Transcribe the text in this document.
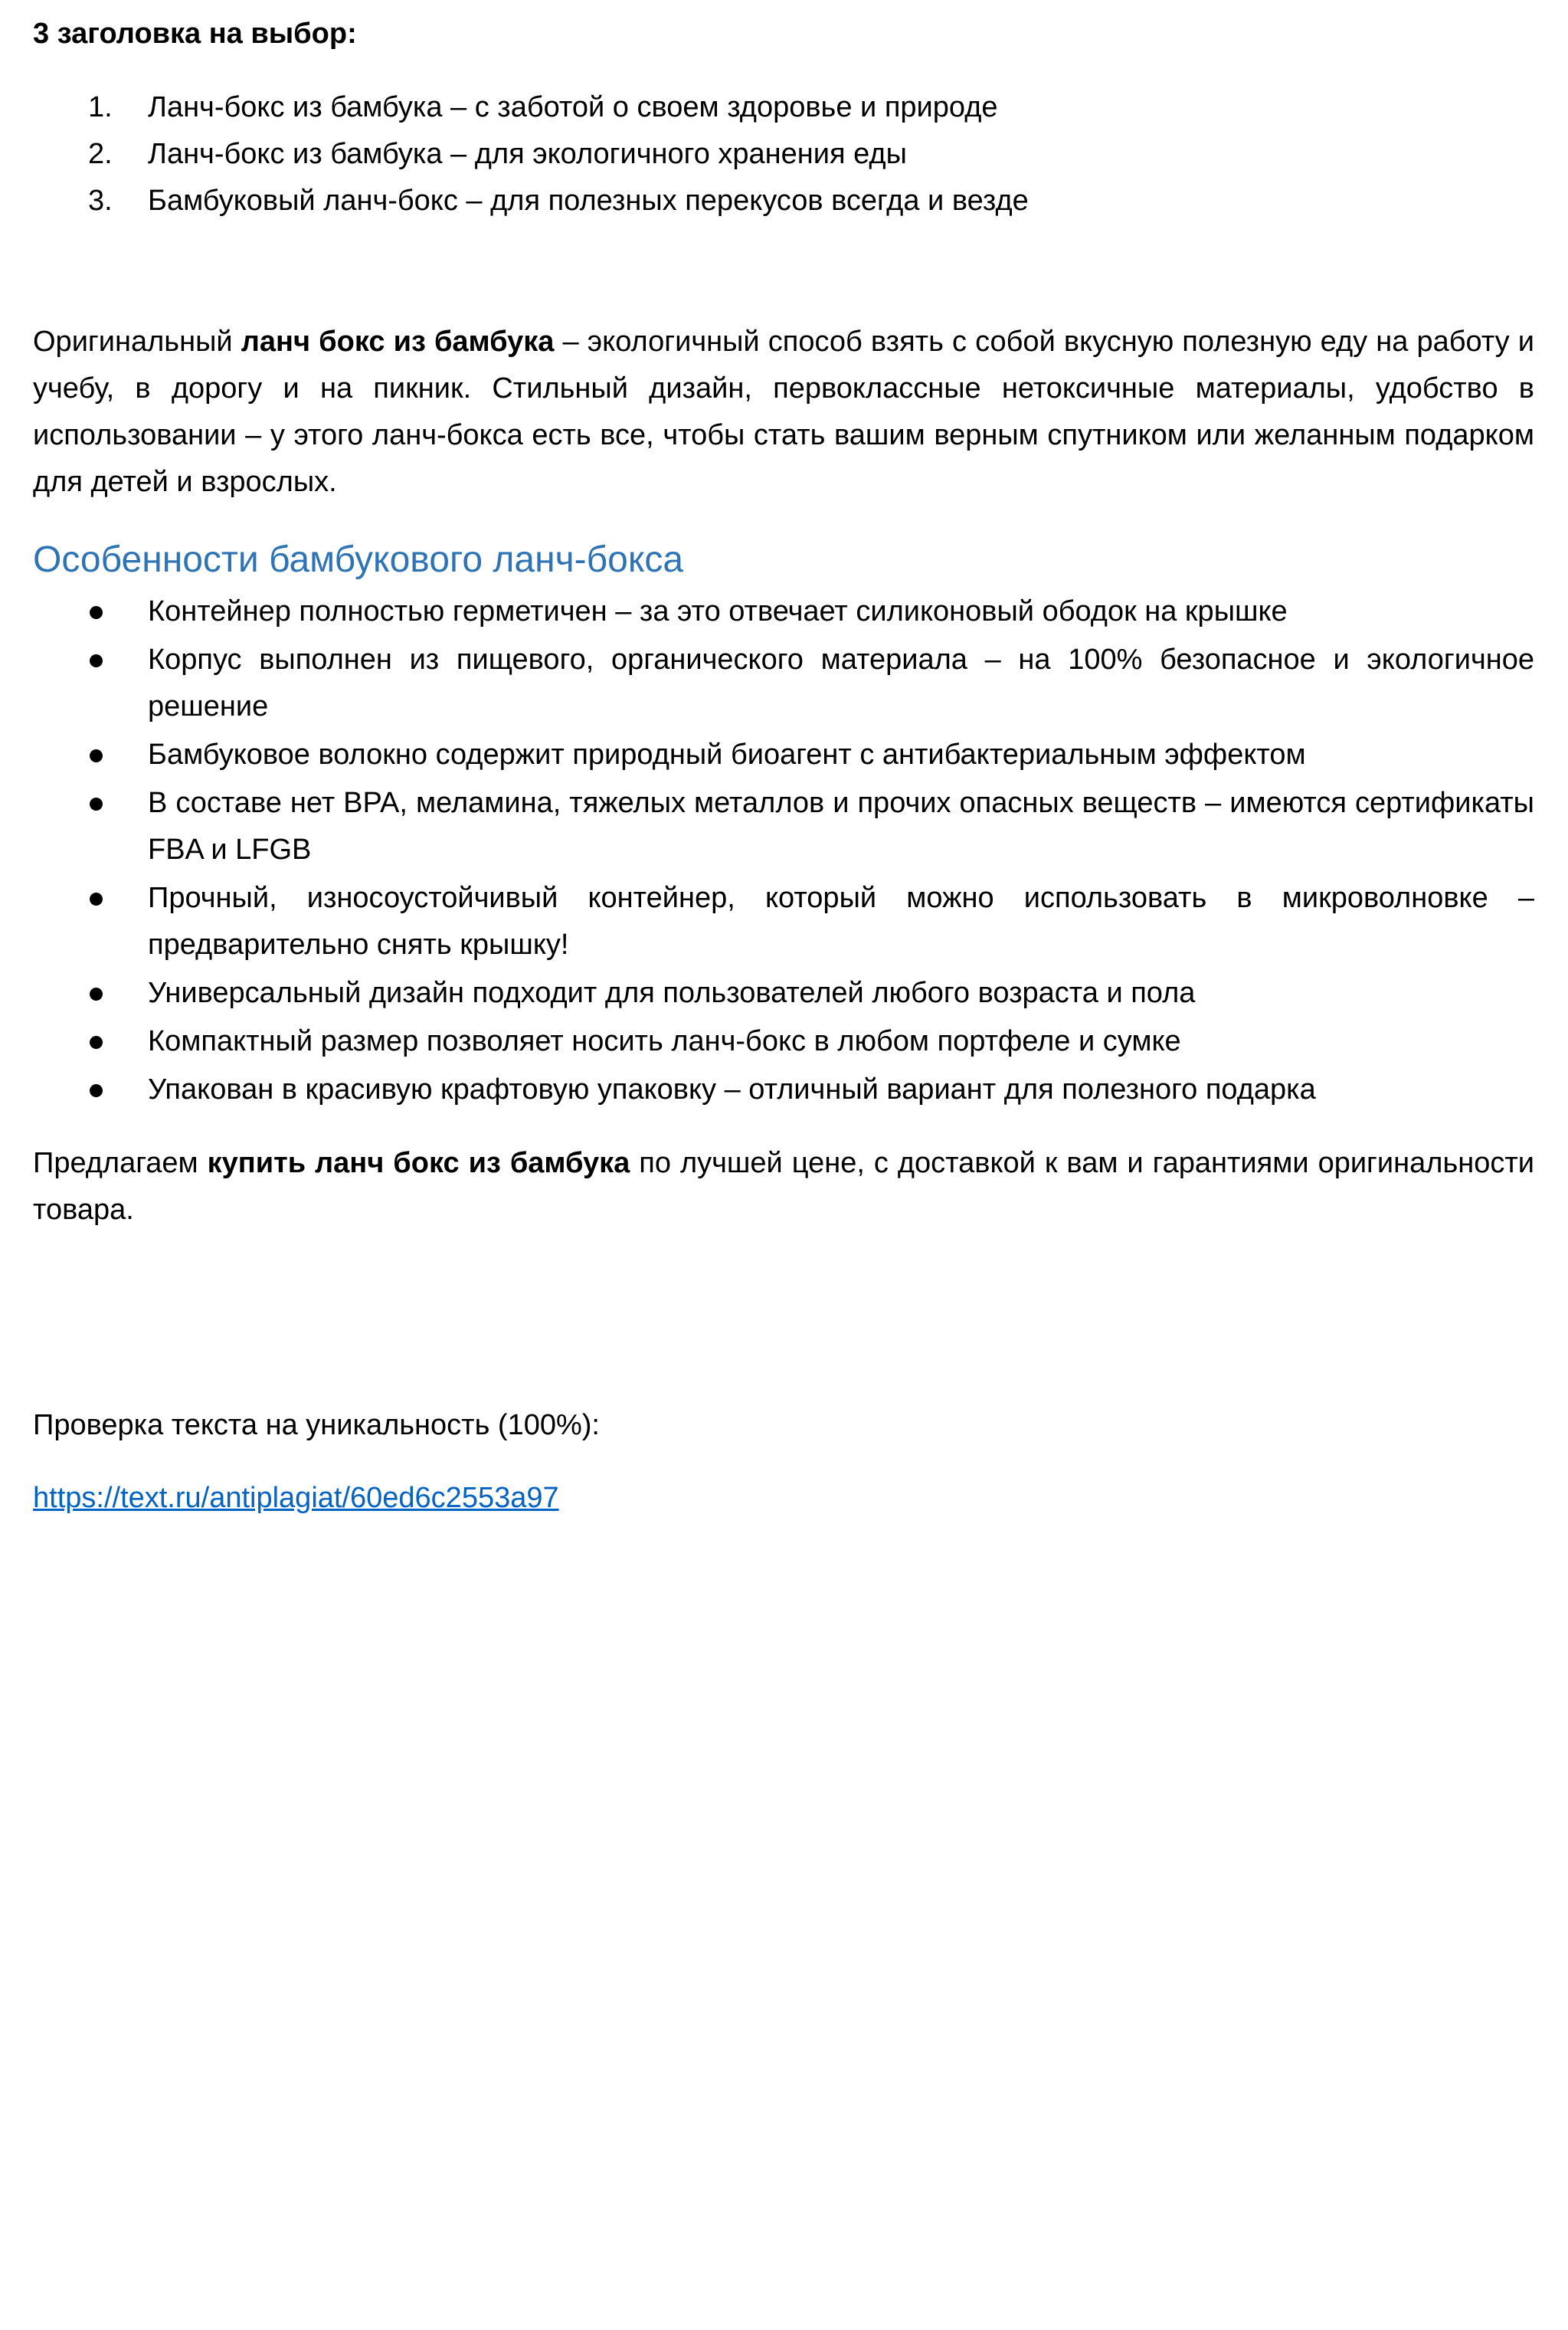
3 заголовка на выбор:

1. Ланч-бокс из бамбука – с заботой о своем здоровье и природе
2. Ланч-бокс из бамбука – для экологичного хранения еды
3. Бамбуковый ланч-бокс – для полезных перекусов всегда и везде

Оригинальный ланч бокс из бамбука – экологичный способ взять с собой вкусную полезную еду на работу и учебу, в дорогу и на пикник. Стильный дизайн, первоклассные нетоксичные материалы, удобство в использовании – у этого ланч-бокса есть все, чтобы стать вашим верным спутником или желанным подарком для детей и взрослых.

Особенности бамбукового ланч-бокса
Контейнер полностью герметичен – за это отвечает силиконовый ободок на крышке
Корпус выполнен из пищевого, органического материала – на 100% безопасное и экологичное решение
Бамбуковое волокно содержит природный биоагент с антибактериальным эффектом
В составе нет BPA, меламина, тяжелых металлов и прочих опасных веществ – имеются сертификаты FBA и LFGB
Прочный, износоустойчивый контейнер, который можно использовать в микроволновке – предварительно снять крышку!
Универсальный дизайн подходит для пользователей любого возраста и пола
Компактный размер позволяет носить ланч-бокс в любом портфеле и сумке
Упакован в красивую крафтовую упаковку – отличный вариант для полезного подарка

Предлагаем купить ланч бокс из бамбука по лучшей цене, с доставкой к вам и гарантиями оригинальности товара.

Проверка текста на уникальность (100%):

https://text.ru/antiplagiat/60ed6c2553a97
